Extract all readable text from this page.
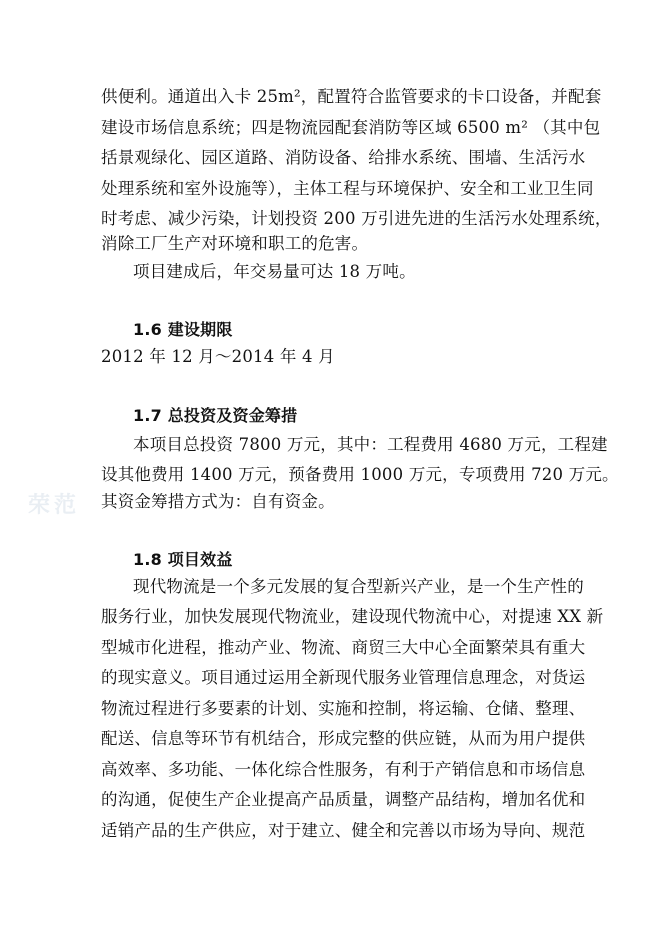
荣范
供便利。通道出入卡 25m²，配置符合监管要求的卡口设备，并配套
建设市场信息系统；四是物流园配套消防等区域 6500 m² （其中包
括景观绿化、园区道路、消防设备、给排水系统、围墙、生活污水
处理系统和室外设施等），主体工程与环境保护、安全和工业卫生同
时考虑、减少污染，计划投资 200 万引进先进的生活污水处理系统，
消除工厂生产对环境和职工的危害。
项目建成后，年交易量可达 18 万吨。
1.6 建设期限
2012 年 12 月～2014 年 4 月
1.7 总投资及资金筹措
本项目总投资 7800 万元，其中：工程费用 4680 万元，工程建
设其他费用 1400 万元，预备费用 1000 万元，专项费用 720 万元。
其资金筹措方式为：自有资金。
1.8 项目效益
现代物流是一个多元发展的复合型新兴产业，是一个生产性的
服务行业，加快发展现代物流业，建设现代物流中心，对提速 XX 新
型城市化进程，推动产业、物流、商贸三大中心全面繁荣具有重大
的现实意义。项目通过运用全新现代服务业管理信息理念，对货运
物流过程进行多要素的计划、实施和控制，将运输、仓储、整理、
配送、信息等环节有机结合，形成完整的供应链，从而为用户提供
高效率、多功能、一体化综合性服务，有利于产销信息和市场信息
的沟通，促使生产企业提高产品质量，调整产品结构，增加名优和
适销产品的生产供应，对于建立、健全和完善以市场为导向、规范
